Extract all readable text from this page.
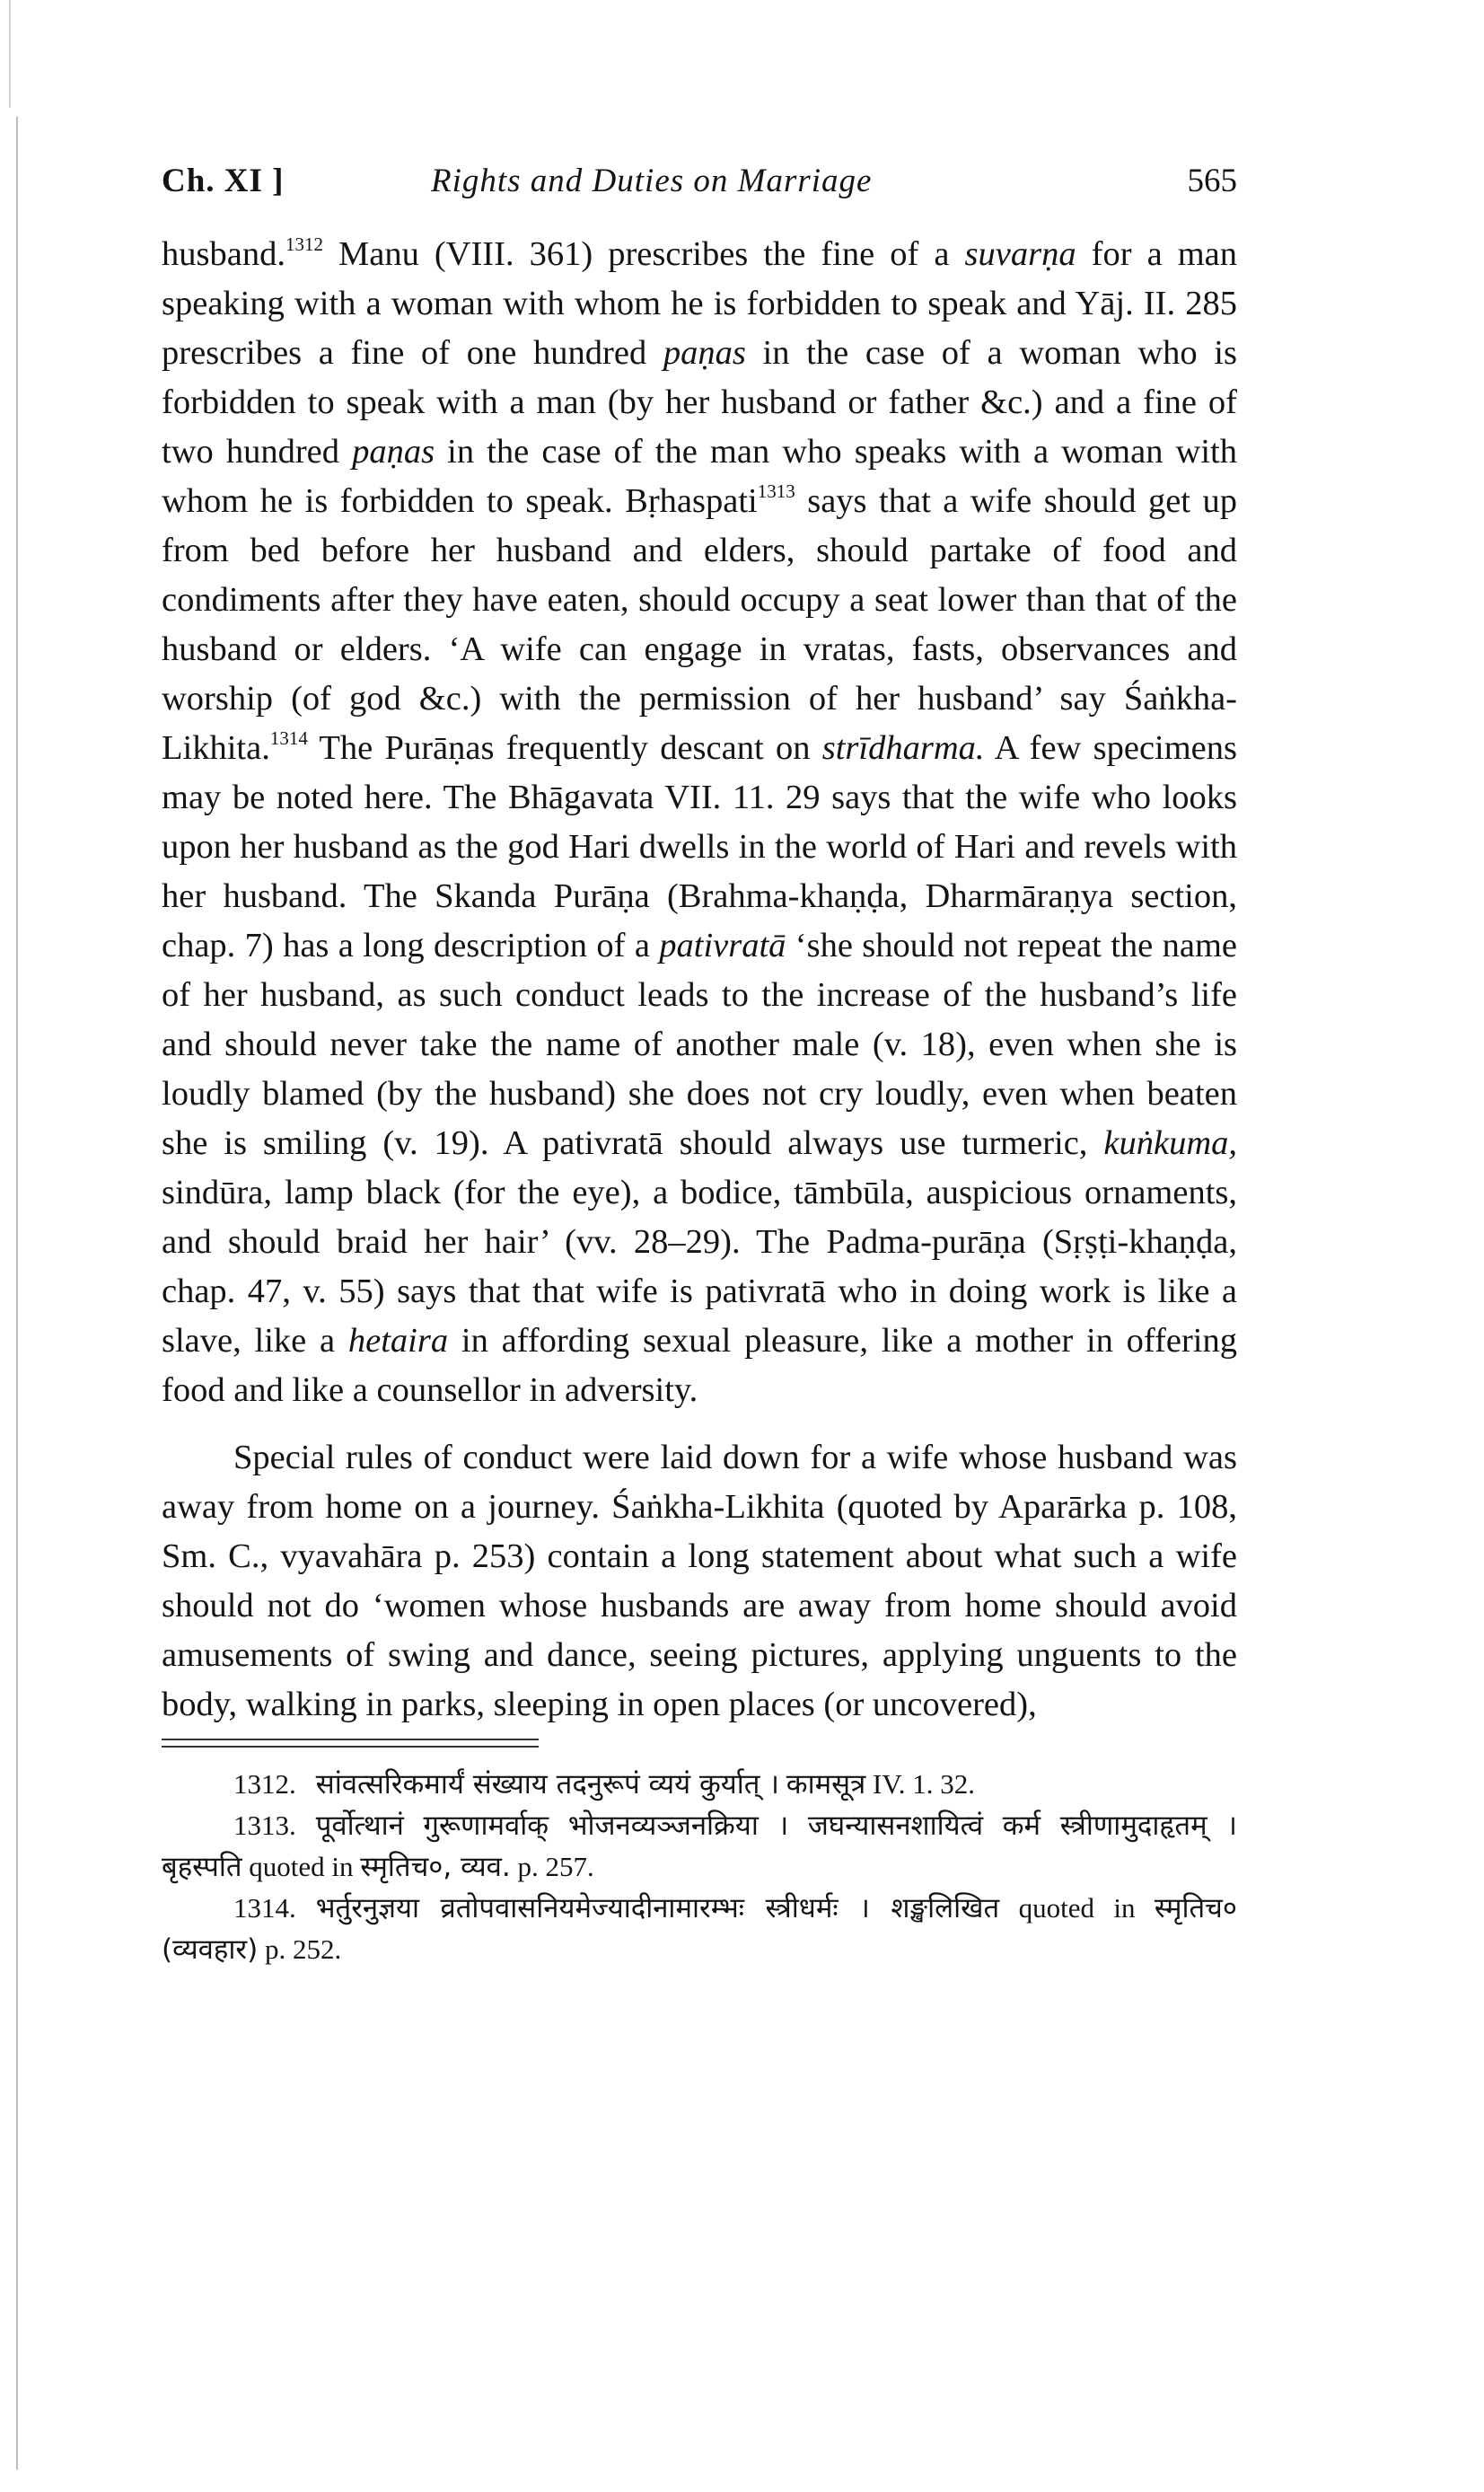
Ch. XI ]	Rights and Duties on Marriage	565

husband.$^{1312}$ Manu (VIII. 361) prescribes the fine of a suvarṇa for a man speaking with a woman with whom he is forbidden to speak and Yāj. II. 285 prescribes a fine of one hundred paṇas in the case of a woman who is forbidden to speak with a man (by her husband or father &c.) and a fine of two hundred paṇas in the case of the man who speaks with a woman with whom he is forbidden to speak. Bṛhaspati$^{1313}$ says that a wife should get up from bed before her husband and elders, should partake of food and condiments after they have eaten, should occupy a seat lower than that of the husband or elders. ‘A wife can engage in vratas, fasts, observances and worship (of god &c.) with the permission of her husband’ say Śaṅkha-Likhita.$^{1314}$ The Purāṇas frequently descant on strīdharma. A few specimens may be noted here. The Bhāgavata VII. 11. 29 says that the wife who looks upon her husband as the god Hari dwells in the world of Hari and revels with her husband. The Skanda Purāṇa (Brahma-khaṇḍa, Dharmāraṇya section, chap. 7) has a long description of a pativratā ‘she should not repeat the name of her husband, as such conduct leads to the increase of the husband’s life and should never take the name of another male (v. 18), even when she is loudly blamed (by the husband) she does not cry loudly, even when beaten she is smiling (v. 19). A pativratā should always use turmeric, kuṅkuma, sindūra, lamp black (for the eye), a bodice, tāmbūla, auspicious ornaments, and should braid her hair’ (vv. 28–29). The Padma-purāṇa (Sṛṣṭi-khaṇḍa, chap. 47, v. 55) says that that wife is pativratā who in doing work is like a slave, like a hetaira in affording sexual pleasure, like a mother in offering food and like a counsellor in adversity.

Special rules of conduct were laid down for a wife whose husband was away from home on a journey. Śaṅkha-Likhita (quoted by Aparārka p. 108, Sm. C., vyavahāra p. 253) contain a long statement about what such a wife should not do ‘women whose husbands are away from home should avoid amusements of swing and dance, seeing pictures, applying unguents to the body, walking in parks, sleeping in open places (or uncovered),

1312. सांवत्सरिकमार्यं संख्याय तदनुरूपं व्ययं कुर्यात् । कामसूत्र IV. 1. 32.

1313. पूर्वोत्थानं गुरूणामर्वाक् भोजनव्यञ्जनक्रिया । जघन्यासनशायित्वं कर्म स्त्रीणामुदाहृतम् । बृहस्पति quoted in स्मृतिच०, व्यव. p. 257.

1314. भर्तुरनुज्ञया व्रतोपवासनियमेज्यादीनामारम्भः स्त्रीधर्मः । शङ्खलिखित quoted in स्मृतिच० (व्यवहार) p. 252.
